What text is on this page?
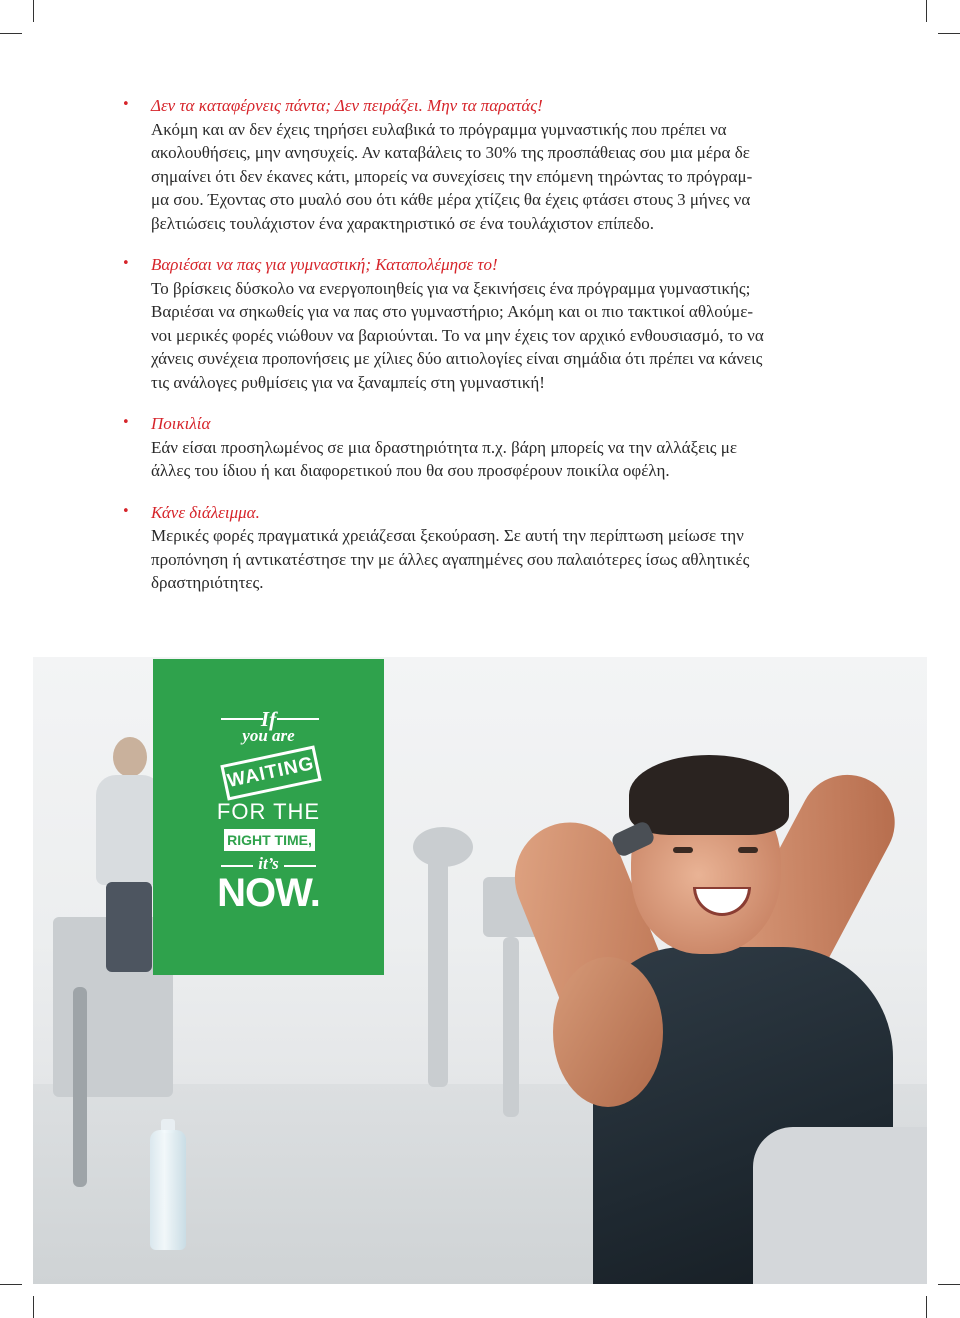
• Δεν τα καταφέρνεις πάντα; Δεν πειράζει. Μην τα παρατάς!
Ακόμη και αν δεν έχεις τηρήσει ευλαβικά το πρόγραμμα γυμναστικής που πρέπει να
ακολουθήσεις, μην ανησυχείς. Αν καταβάλεις το 30% της προσπάθειας σου μια μέρα δε
σημαίνει ότι δεν έκανες κάτι, μπορείς να συνεχίσεις την επόμενη τηρώντας το πρόγραμ-
μα σου. Έχοντας στο μυαλό σου ότι κάθε μέρα χτίζεις θα έχεις φτάσει στους 3 μήνες να
βελτιώσεις τουλάχιστον ένα χαρακτηριστικό σε ένα τουλάχιστον επίπεδο.
• Βαριέσαι να πας για γυμναστική; Καταπολέμησε το!
Το βρίσκεις δύσκολο να ενεργοποιηθείς για να ξεκινήσεις ένα πρόγραμμα γυμναστικής;
Βαριέσαι να σηκωθείς για να πας στο γυμναστήριο; Ακόμη και οι πιο τακτικοί αθλούμε-
νοι μερικές φορές νιώθουν να βαριούνται. Το να μην έχεις τον αρχικό ενθουσιασμό, το να
χάνεις συνέχεια προπονήσεις με χίλιες δύο αιτιολογίες είναι σημάδια ότι πρέπει να κάνεις
τις ανάλογες ρυθμίσεις για να ξαναμπείς στη γυμναστική!
• Ποικιλία
Εάν είσαι προσηλωμένος σε μια δραστηριότητα π.χ. βάρη μπορείς να την αλλάξεις με
άλλες του ίδιου ή και διαφορετικού που θα σου προσφέρουν ποικίλα οφέλη.
• Κάνε διάλειμμα.
Μερικές φορές πραγματικά χρειάζεσαι ξεκούραση. Σε αυτή την περίπτωση μείωσε την
προπόνηση ή αντικατέστησε την με άλλες αγαπημένες σου παλαιότερες ίσως αθλητικές
δραστηριότητες.
If
you are
WAITING
FOR THE
RIGHT TIME,
it’s
NOW.
